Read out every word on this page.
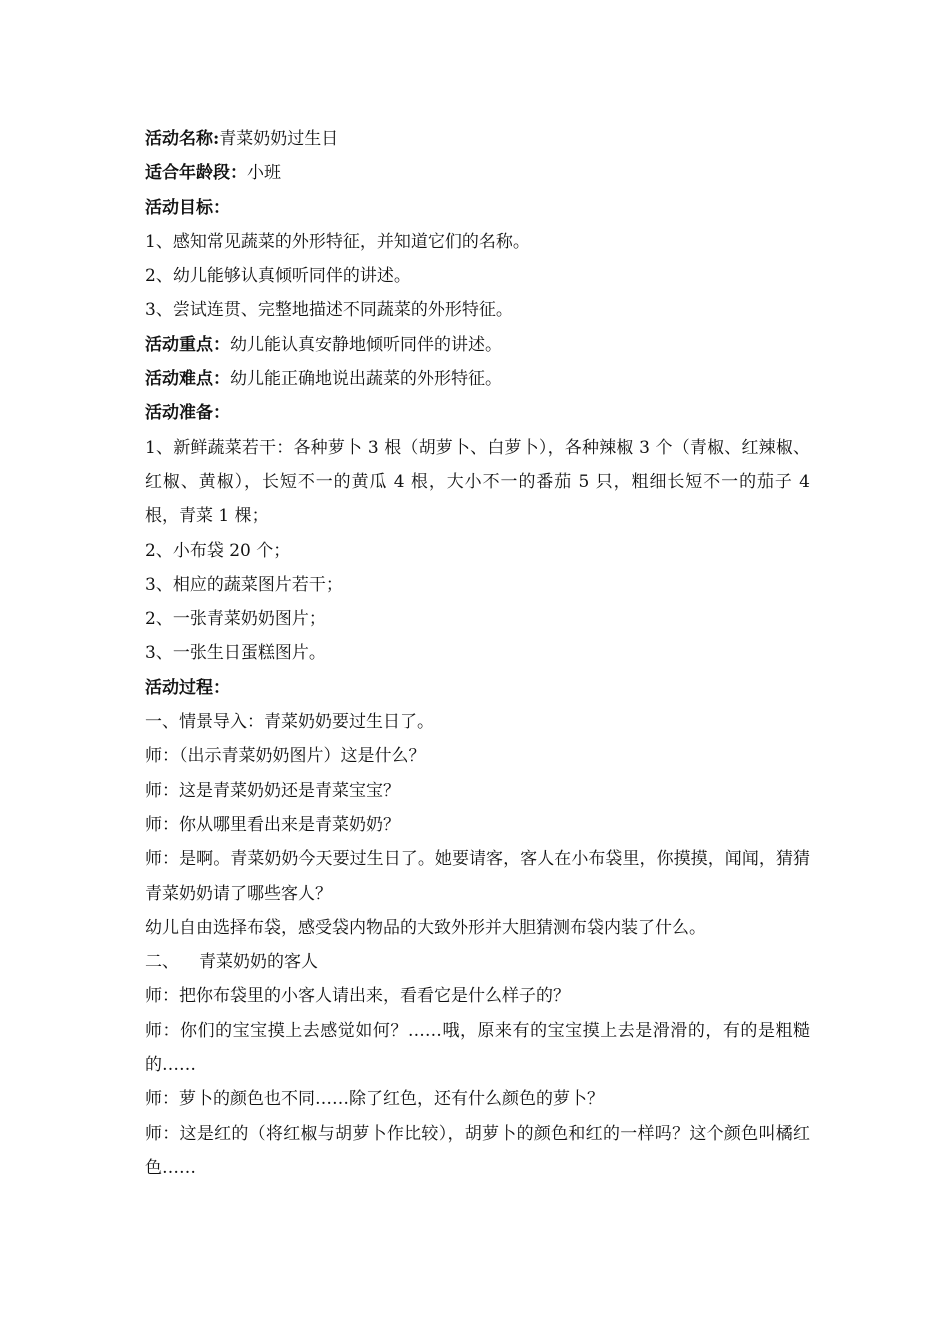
活动名称:青菜奶奶过生日
适合年龄段：小班
活动目标：
1、感知常见蔬菜的外形特征，并知道它们的名称。
2、幼儿能够认真倾听同伴的讲述。
3、尝试连贯、完整地描述不同蔬菜的外形特征。
活动重点：幼儿能认真安静地倾听同伴的讲述。
活动难点：幼儿能正确地说出蔬菜的外形特征。
活动准备：
1、新鲜蔬菜若干：各种萝卜 3 根（胡萝卜、白萝卜），各种辣椒 3 个（青椒、红辣椒、红椒、黄椒），长短不一的黄瓜 4 根，大小不一的番茄 5 只，粗细长短不一的茄子 4 根，青菜 1 棵；
2、小布袋 20 个；
3、相应的蔬菜图片若干；
2、一张青菜奶奶图片；
3、一张生日蛋糕图片。
活动过程：
一、情景导入：青菜奶奶要过生日了。
师：（出示青菜奶奶图片）这是什么？
师：这是青菜奶奶还是青菜宝宝？
师：你从哪里看出来是青菜奶奶？
师：是啊。青菜奶奶今天要过生日了。她要请客，客人在小布袋里，你摸摸，闻闻，猜猜青菜奶奶请了哪些客人？
幼儿自由选择布袋，感受袋内物品的大致外形并大胆猜测布袋内装了什么。
二、 青菜奶奶的客人
师：把你布袋里的小客人请出来，看看它是什么样子的？
师：你们的宝宝摸上去感觉如何？……哦，原来有的宝宝摸上去是滑滑的，有的是粗糙的……
师：萝卜的颜色也不同……除了红色，还有什么颜色的萝卜？
师：这是红的（将红椒与胡萝卜作比较），胡萝卜的颜色和红的一样吗？这个颜色叫橘红色……
